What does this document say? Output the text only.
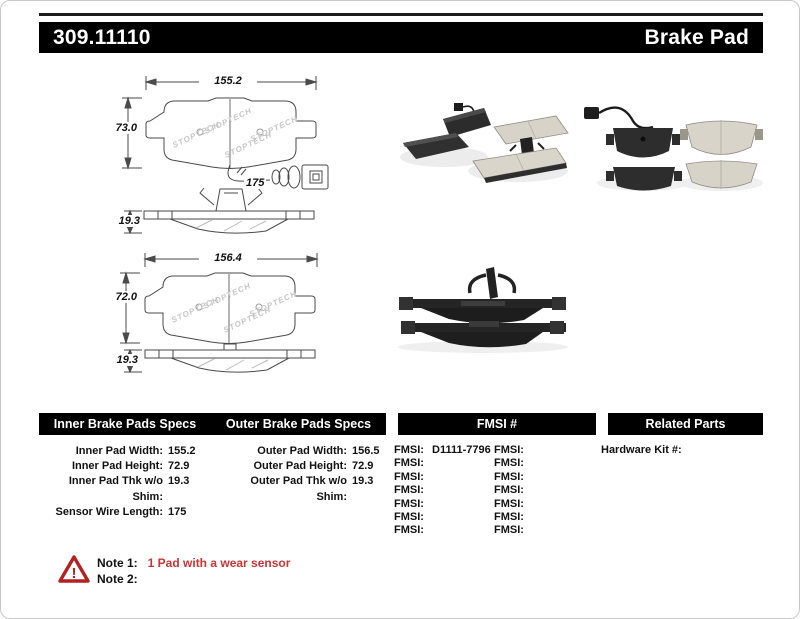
309.11110	Brake Pad
STOPTECH
STOPTECH
STOPTECH
STOPTECH
155.2
73.0
175
19.3
STOPTECH
STOPTECH
STOPTECH
STOPTECH
156.4
72.0
19.3
Inner Brake Pads Specs	Outer Brake Pads Specs	FMSI #	Related Parts
Inner Pad Width: 155.2
Inner Pad Height: 72.9
Inner Pad Thk w/o Shim:
19.3
Sensor Wire Length: 175
Outer Pad Width: 156.5
Outer Pad Height: 72.9
Outer Pad Thk w/o Shim:
19.3
FMSI: D1111-7796
FMSI:
FMSI:
FMSI:
FMSI:
FMSI:
FMSI:
FMSI:
FMSI:
FMSI:
FMSI:
FMSI:
FMSI:
FMSI:
Hardware Kit #:
!
Note 1: 1 Pad with a wear sensor
Note 2:
